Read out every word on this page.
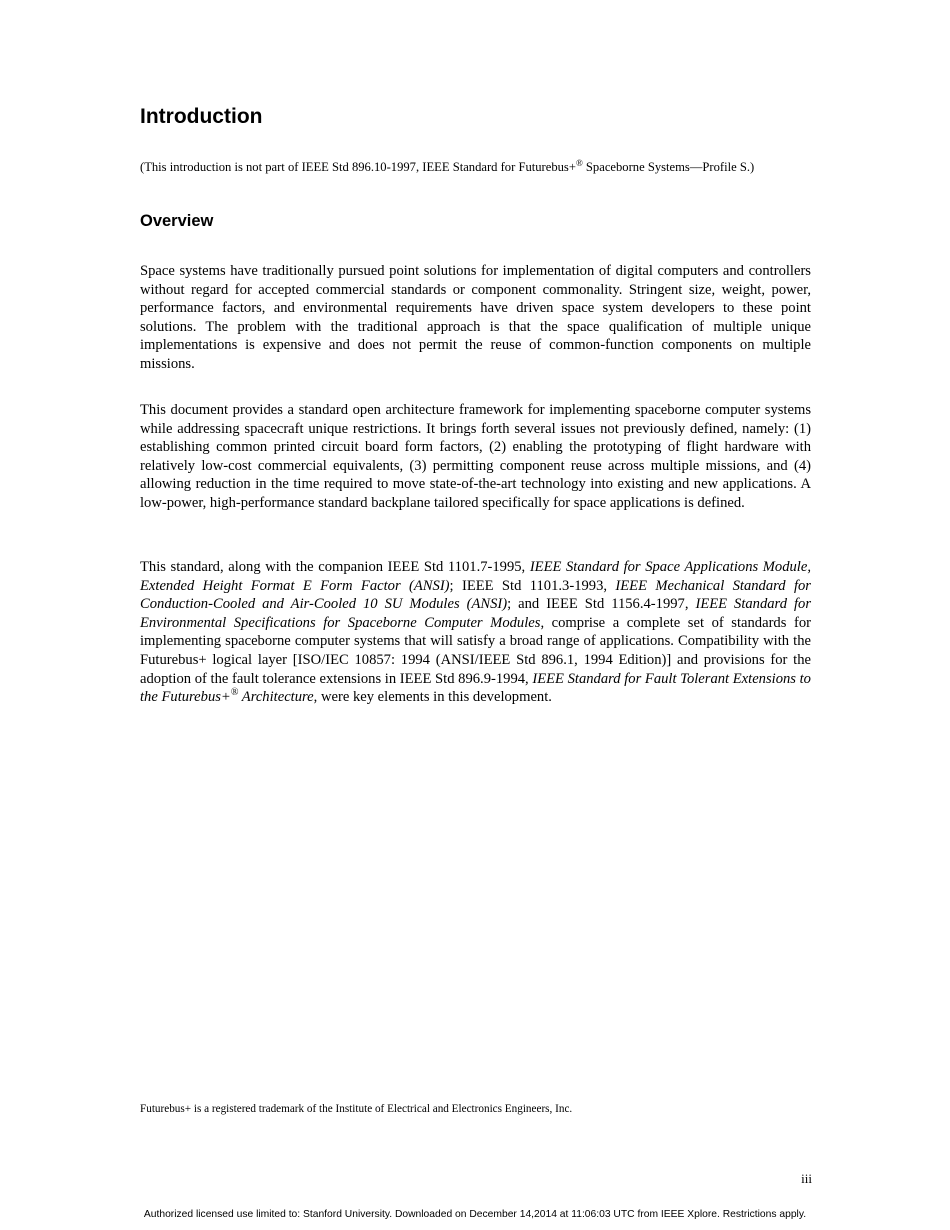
Introduction

(This introduction is not part of IEEE Std 896.10-1997, IEEE Standard for Futurebus+® Spaceborne Systems—Profile S.)

Overview

Space systems have traditionally pursued point solutions for implementation of digital computers and controllers without regard for accepted commercial standards or component commonality. Stringent size, weight, power, performance factors, and environmental requirements have driven space system developers to these point solutions. The problem with the traditional approach is that the space qualification of multiple unique implementations is expensive and does not permit the reuse of common-function components on multiple missions.

This document provides a standard open architecture framework for implementing spaceborne computer systems while addressing spacecraft unique restrictions. It brings forth several issues not previously defined, namely: (1) establishing common printed circuit board form factors, (2) enabling the prototyping of flight hardware with relatively low-cost commercial equivalents, (3) permitting component reuse across multiple missions, and (4) allowing reduction in the time required to move state-of-the-art technology into existing and new applications. A low-power, high-performance standard backplane tailored specifically for space applications is defined.

This standard, along with the companion IEEE Std 1101.7-1995, IEEE Standard for Space Applications Module, Extended Height Format E Form Factor (ANSI); IEEE Std 1101.3-1993, IEEE Mechanical Standard for Conduction-Cooled and Air-Cooled 10 SU Modules (ANSI); and IEEE Std 1156.4-1997, IEEE Standard for Environmental Specifications for Spaceborne Computer Modules, comprise a complete set of standards for implementing spaceborne computer systems that will satisfy a broad range of applications. Compatibility with the Futurebus+ logical layer [ISO/IEC 10857: 1994 (ANSI/IEEE Std 896.1, 1994 Edition)] and provisions for the adoption of the fault tolerance extensions in IEEE Std 896.9-1994, IEEE Standard for Fault Tolerant Extensions to the Futurebus+® Architecture, were key elements in this development.

Futurebus+ is a registered trademark of the Institute of Electrical and Electronics Engineers, Inc.

iii

Authorized licensed use limited to: Stanford University. Downloaded on December 14,2014 at 11:06:03 UTC from IEEE Xplore. Restrictions apply.
